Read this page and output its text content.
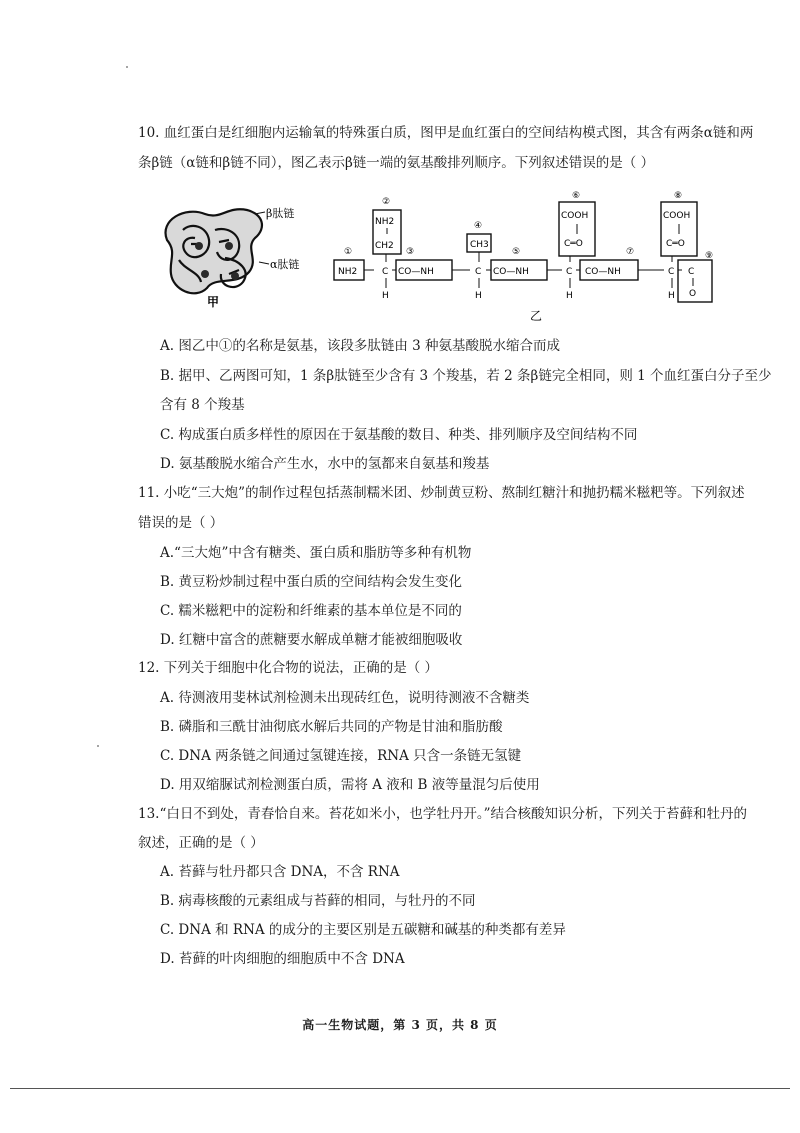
10. 血红蛋白是红细胞内运输氧的特殊蛋白质，图甲是血红蛋白的空间结构模式图，其含有两条α链和两
条β链（α链和β链不同），图乙表示β链一端的氨基酸排列顺序。下列叙述错误的是（ ）
β肽链
α肽链
甲
①
②
③
④
⑤
⑥
⑦
⑧
⑨
NH2
NH2
CH2
CO—NH
CH3
CO—NH
COOH
C═O
CO—NH
COOH
C═O
C
O
C	C	C	C
H	H	H	H
乙
A. 图乙中①的名称是氨基，该段多肽链由 3 种氨基酸脱水缩合而成
B. 据甲、乙两图可知，1 条β肽链至少含有 3 个羧基，若 2 条β链完全相同，则 1 个血红蛋白分子至少
含有 8 个羧基
C. 构成蛋白质多样性的原因在于氨基酸的数目、种类、排列顺序及空间结构不同
D. 氨基酸脱水缩合产生水，水中的氢都来自氨基和羧基
11. 小吃“三大炮”的制作过程包括蒸制糯米团、炒制黄豆粉、熬制红糖汁和抛扔糯米糍粑等。下列叙述
错误的是（ ）
A.“三大炮”中含有糖类、蛋白质和脂肪等多种有机物
B. 黄豆粉炒制过程中蛋白质的空间结构会发生变化
C. 糯米糍粑中的淀粉和纤维素的基本单位是不同的
D. 红糖中富含的蔗糖要水解成单糖才能被细胞吸收
12. 下列关于细胞中化合物的说法，正确的是（ ）
A. 待测液用斐林试剂检测未出现砖红色，说明待测液不含糖类
B. 磷脂和三酰甘油彻底水解后共同的产物是甘油和脂肪酸
C. DNA 两条链之间通过氢键连接，RNA 只含一条链无氢键
D. 用双缩脲试剂检测蛋白质，需将 A 液和 B 液等量混匀后使用
13.“白日不到处，青春恰自来。苔花如米小，也学牡丹开。”结合核酸知识分析，下列关于苔藓和牡丹的
叙述，正确的是（ ）
A. 苔藓与牡丹都只含 DNA，不含 RNA
B. 病毒核酸的元素组成与苔藓的相同，与牡丹的不同
C. DNA 和 RNA 的成分的主要区别是五碳糖和碱基的种类都有差异
D. 苔藓的叶肉细胞的细胞质中不含 DNA
高一生物试题，第 3 页，共 8 页
